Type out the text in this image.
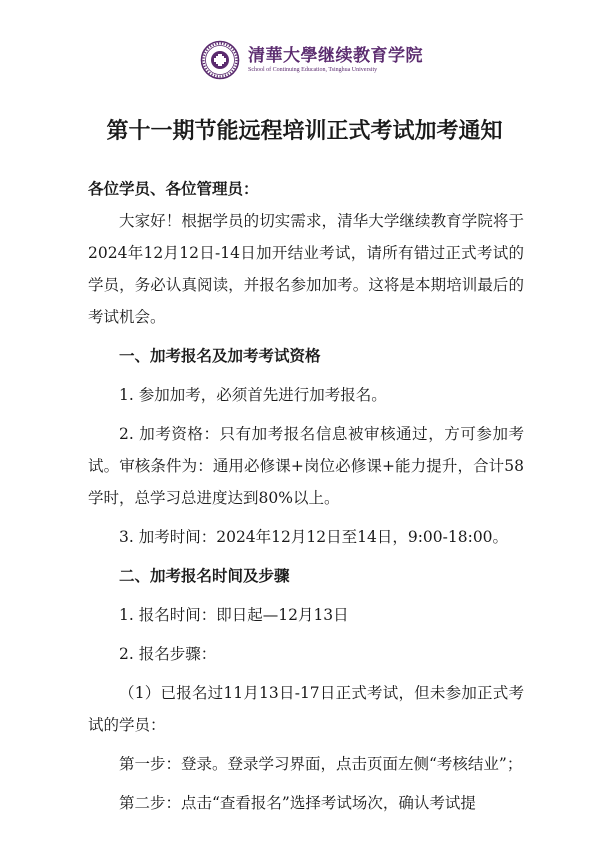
清華大學继续教育学院
School of Continuing Education, Tsinghua University
第十一期节能远程培训正式考试加考通知

各位学员、各位管理员：

大家好！根据学员的切实需求，清华大学继续教育学院将于2024年12月12日-14日加开结业考试，请所有错过正式考试的学员，务必认真阅读，并报名参加加考。这将是本期培训最后的考试机会。

一、加考报名及加考考试资格

1. 参加加考，必须首先进行加考报名。

2. 加考资格：只有加考报名信息被审核通过，方可参加考试。审核条件为：通用必修课+岗位必修课+能力提升，合计58学时，总学习总进度达到80%以上。

3. 加考时间：2024年12月12日至14日，9:00-18:00。

二、加考报名时间及步骤

1. 报名时间：即日起—12月13日

2. 报名步骤：

（1）已报名过11月13日-17日正式考试，但未参加正式考试的学员：

第一步：登录。登录学习界面，点击页面左侧“考核结业”；

第二步：点击“查看报名”选择考试场次，确认考试提
